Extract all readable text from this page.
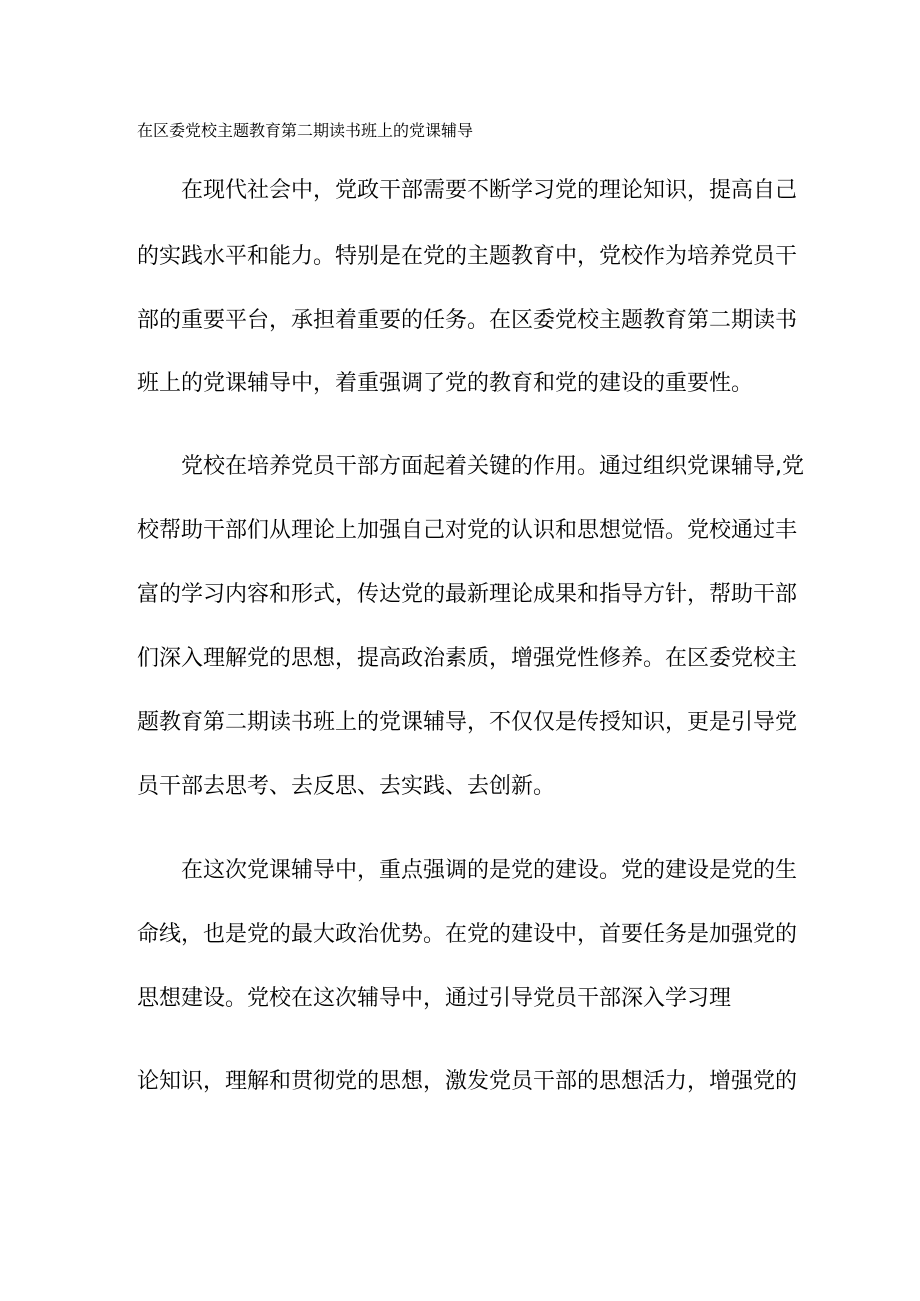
在区委党校主题教育第二期读书班上的党课辅导
在现代社会中，党政干部需要不断学习党的理论知识，提高自己
的实践水平和能力。特别是在党的主题教育中，党校作为培养党员干
部的重要平台，承担着重要的任务。在区委党校主题教育第二期读书
班上的党课辅导中，着重强调了党的教育和党的建设的重要性。
党校在培养党员干部方面起着关键的作用。通过组织党课辅导,党
校帮助干部们从理论上加强自己对党的认识和思想觉悟。党校通过丰
富的学习内容和形式，传达党的最新理论成果和指导方针，帮助干部
们深入理解党的思想，提高政治素质，增强党性修养。在区委党校主
题教育第二期读书班上的党课辅导，不仅仅是传授知识，更是引导党
员干部去思考、去反思、去实践、去创新。
在这次党课辅导中，重点强调的是党的建设。党的建设是党的生
命线，也是党的最大政治优势。在党的建设中，首要任务是加强党的
思想建设。党校在这次辅导中，通过引导党员干部深入学习理
论知识，理解和贯彻党的思想，激发党员干部的思想活力，增强党的
